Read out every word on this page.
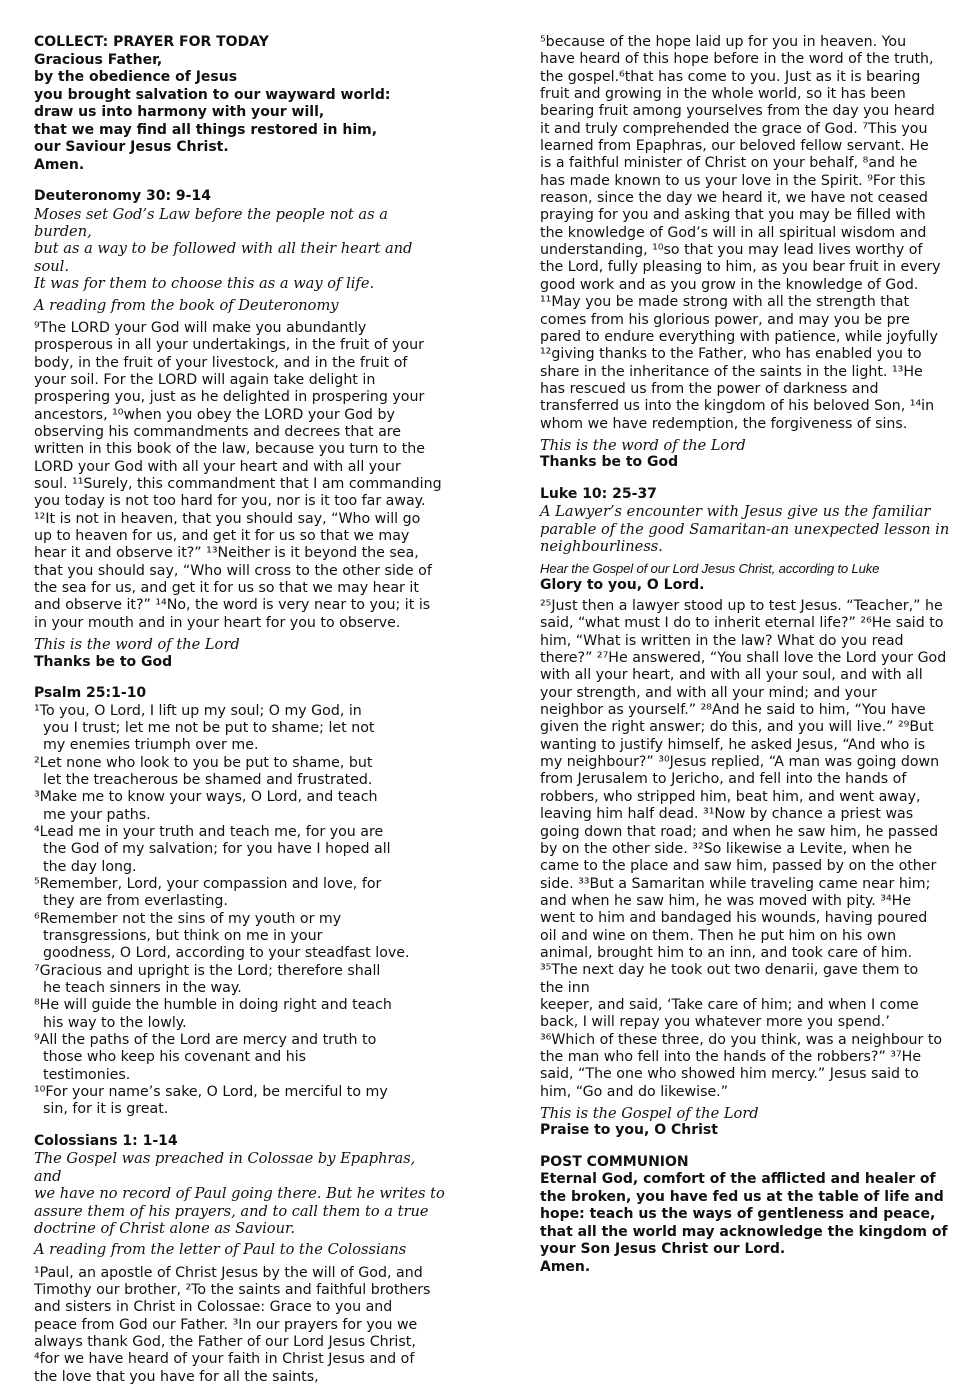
COLLECT: PRAYER FOR TODAY
Gracious Father,
by the obedience of Jesus
you brought salvation to our wayward world:
draw us into harmony with your will,
that we may find all things restored in him,
our Saviour Jesus Christ.
Amen.
Deuteronomy 30: 9-14
Moses set God’s Law before the people not as a burden,
but as a way to be followed with all their heart and soul.
It was for them to choose this as a way of life.
A reading from the book of Deuteronomy
⁹The LORD your God will make you abundantly
prosperous in all your undertakings, in the fruit of your
body, in the fruit of your livestock, and in the fruit of
your soil. For the LORD will again take delight in
prospering you, just as he delighted in prospering your
ancestors, ¹⁰when you obey the LORD your God by
observing his commandments and decrees that are
written in this book of the law, because you turn to the
LORD your God with all your heart and with all your
soul. ¹¹Surely, this commandment that I am commanding
you today is not too hard for you, nor is it too far away.
¹²It is not in heaven, that you should say, “Who will go
up to heaven for us, and get it for us so that we may
hear it and observe it?” ¹³Neither is it beyond the sea,
that you should say, “Who will cross to the other side of
the sea for us, and get it for us so that we may hear it
and observe it?” ¹⁴No, the word is very near to you; it is
in your mouth and in your heart for you to observe.
This is the word of the Lord
Thanks be to God
Psalm 25:1-10
¹To you, O Lord, I lift up my soul; O my God, in
you I trust; let me not be put to shame; let not
my enemies triumph over me.
²Let none who look to you be put to shame, but
let the treacherous be shamed and frustrated.
³Make me to know your ways, O Lord, and teach
me your paths.
⁴Lead me in your truth and teach me, for you are
the God of my salvation; for you have I hoped all
the day long.
⁵Remember, Lord, your compassion and love, for
they are from everlasting.
⁶Remember not the sins of my youth or my
transgressions, but think on me in your
goodness, O Lord, according to your steadfast love.
⁷Gracious and upright is the Lord; therefore shall
he teach sinners in the way.
⁸He will guide the humble in doing right and teach
his way to the lowly.
⁹All the paths of the Lord are mercy and truth to
those who keep his covenant and his
testimonies.
¹⁰For your name’s sake, O Lord, be merciful to my
sin, for it is great.
Colossians 1: 1-14
The Gospel was preached in Colossae by Epaphras, and
we have no record of Paul going there. But he writes to
assure them of his prayers, and to call them to a true
doctrine of Christ alone as Saviour.
A reading from the letter of Paul to the Colossians
¹Paul, an apostle of Christ Jesus by the will of God, and
Timothy our brother, ²To the saints and faithful brothers
and sisters in Christ in Colossae: Grace to you and
peace from God our Father. ³In our prayers for you we
always thank God, the Father of our Lord Jesus Christ,
⁴for we have heard of your faith in Christ Jesus and of
the love that you have for all the saints,
⁵because of the hope laid up for you in heaven. You
have heard of this hope before in the word of the truth,
the gospel.⁶that has come to you. Just as it is bearing
fruit and growing in the whole world, so it has been
bearing fruit among yourselves from the day you heard
it and truly comprehended the grace of God. ⁷This you
learned from Epaphras, our beloved fellow servant. He
is a faithful minister of Christ on your behalf, ⁸and he
has made known to us your love in the Spirit. ⁹For this
reason, since the day we heard it, we have not ceased
praying for you and asking that you may be filled with
the knowledge of God’s will in all spiritual wisdom and
understanding, ¹⁰so that you may lead lives worthy of
the Lord, fully pleasing to him, as you bear fruit in every
good work and as you grow in the knowledge of God.
¹¹May you be made strong with all the strength that
comes from his glorious power, and may you be pre
pared to endure everything with patience, while joyfully
¹²giving thanks to the Father, who has enabled you to
share in the inheritance of the saints in the light. ¹³He
has rescued us from the power of darkness and
transferred us into the kingdom of his beloved Son, ¹⁴in
whom we have redemption, the forgiveness of sins.
This is the word of the Lord
Thanks be to God
Luke 10: 25-37
A Lawyer’s encounter with Jesus give us the familiar
parable of the good Samaritan-an unexpected lesson in
neighbourliness.
Hear the Gospel of our Lord Jesus Christ, according to Luke
Glory to you, O Lord.
²⁵Just then a lawyer stood up to test Jesus. “Teacher,” he
said, “what must I do to inherit eternal life?” ²⁶He said to
him, “What is written in the law? What do you read
there?” ²⁷He answered, “You shall love the Lord your God
with all your heart, and with all your soul, and with all
your strength, and with all your mind; and your
neighbor as yourself.” ²⁸And he said to him, “You have
given the right answer; do this, and you will live.” ²⁹But
wanting to justify himself, he asked Jesus, “And who is
my neighbour?” ³⁰Jesus replied, “A man was going down
from Jerusalem to Jericho, and fell into the hands of
robbers, who stripped him, beat him, and went away,
leaving him half dead. ³¹Now by chance a priest was
going down that road; and when he saw him, he passed
by on the other side. ³²So likewise a Levite, when he
came to the place and saw him, passed by on the other
side. ³³But a Samaritan while traveling came near him;
and when he saw him, he was moved with pity. ³⁴He
went to him and bandaged his wounds, having poured
oil and wine on them. Then he put him on his own
animal, brought him to an inn, and took care of him.
³⁵The next day he took out two denarii, gave them to
the inn
keeper, and said, ‘Take care of him; and when I come
back, I will repay you whatever more you spend.’
³⁶Which of these three, do you think, was a neighbour to
the man who fell into the hands of the robbers?” ³⁷He
said, “The one who showed him mercy.” Jesus said to
him, “Go and do likewise.”
This is the Gospel of the Lord
Praise to you, O Christ
POST COMMUNION
Eternal God, comfort of the afflicted and healer of
the broken, you have fed us at the table of life and
hope: teach us the ways of gentleness and peace,
that all the world may acknowledge the kingdom of
your Son Jesus Christ our Lord.
Amen.
